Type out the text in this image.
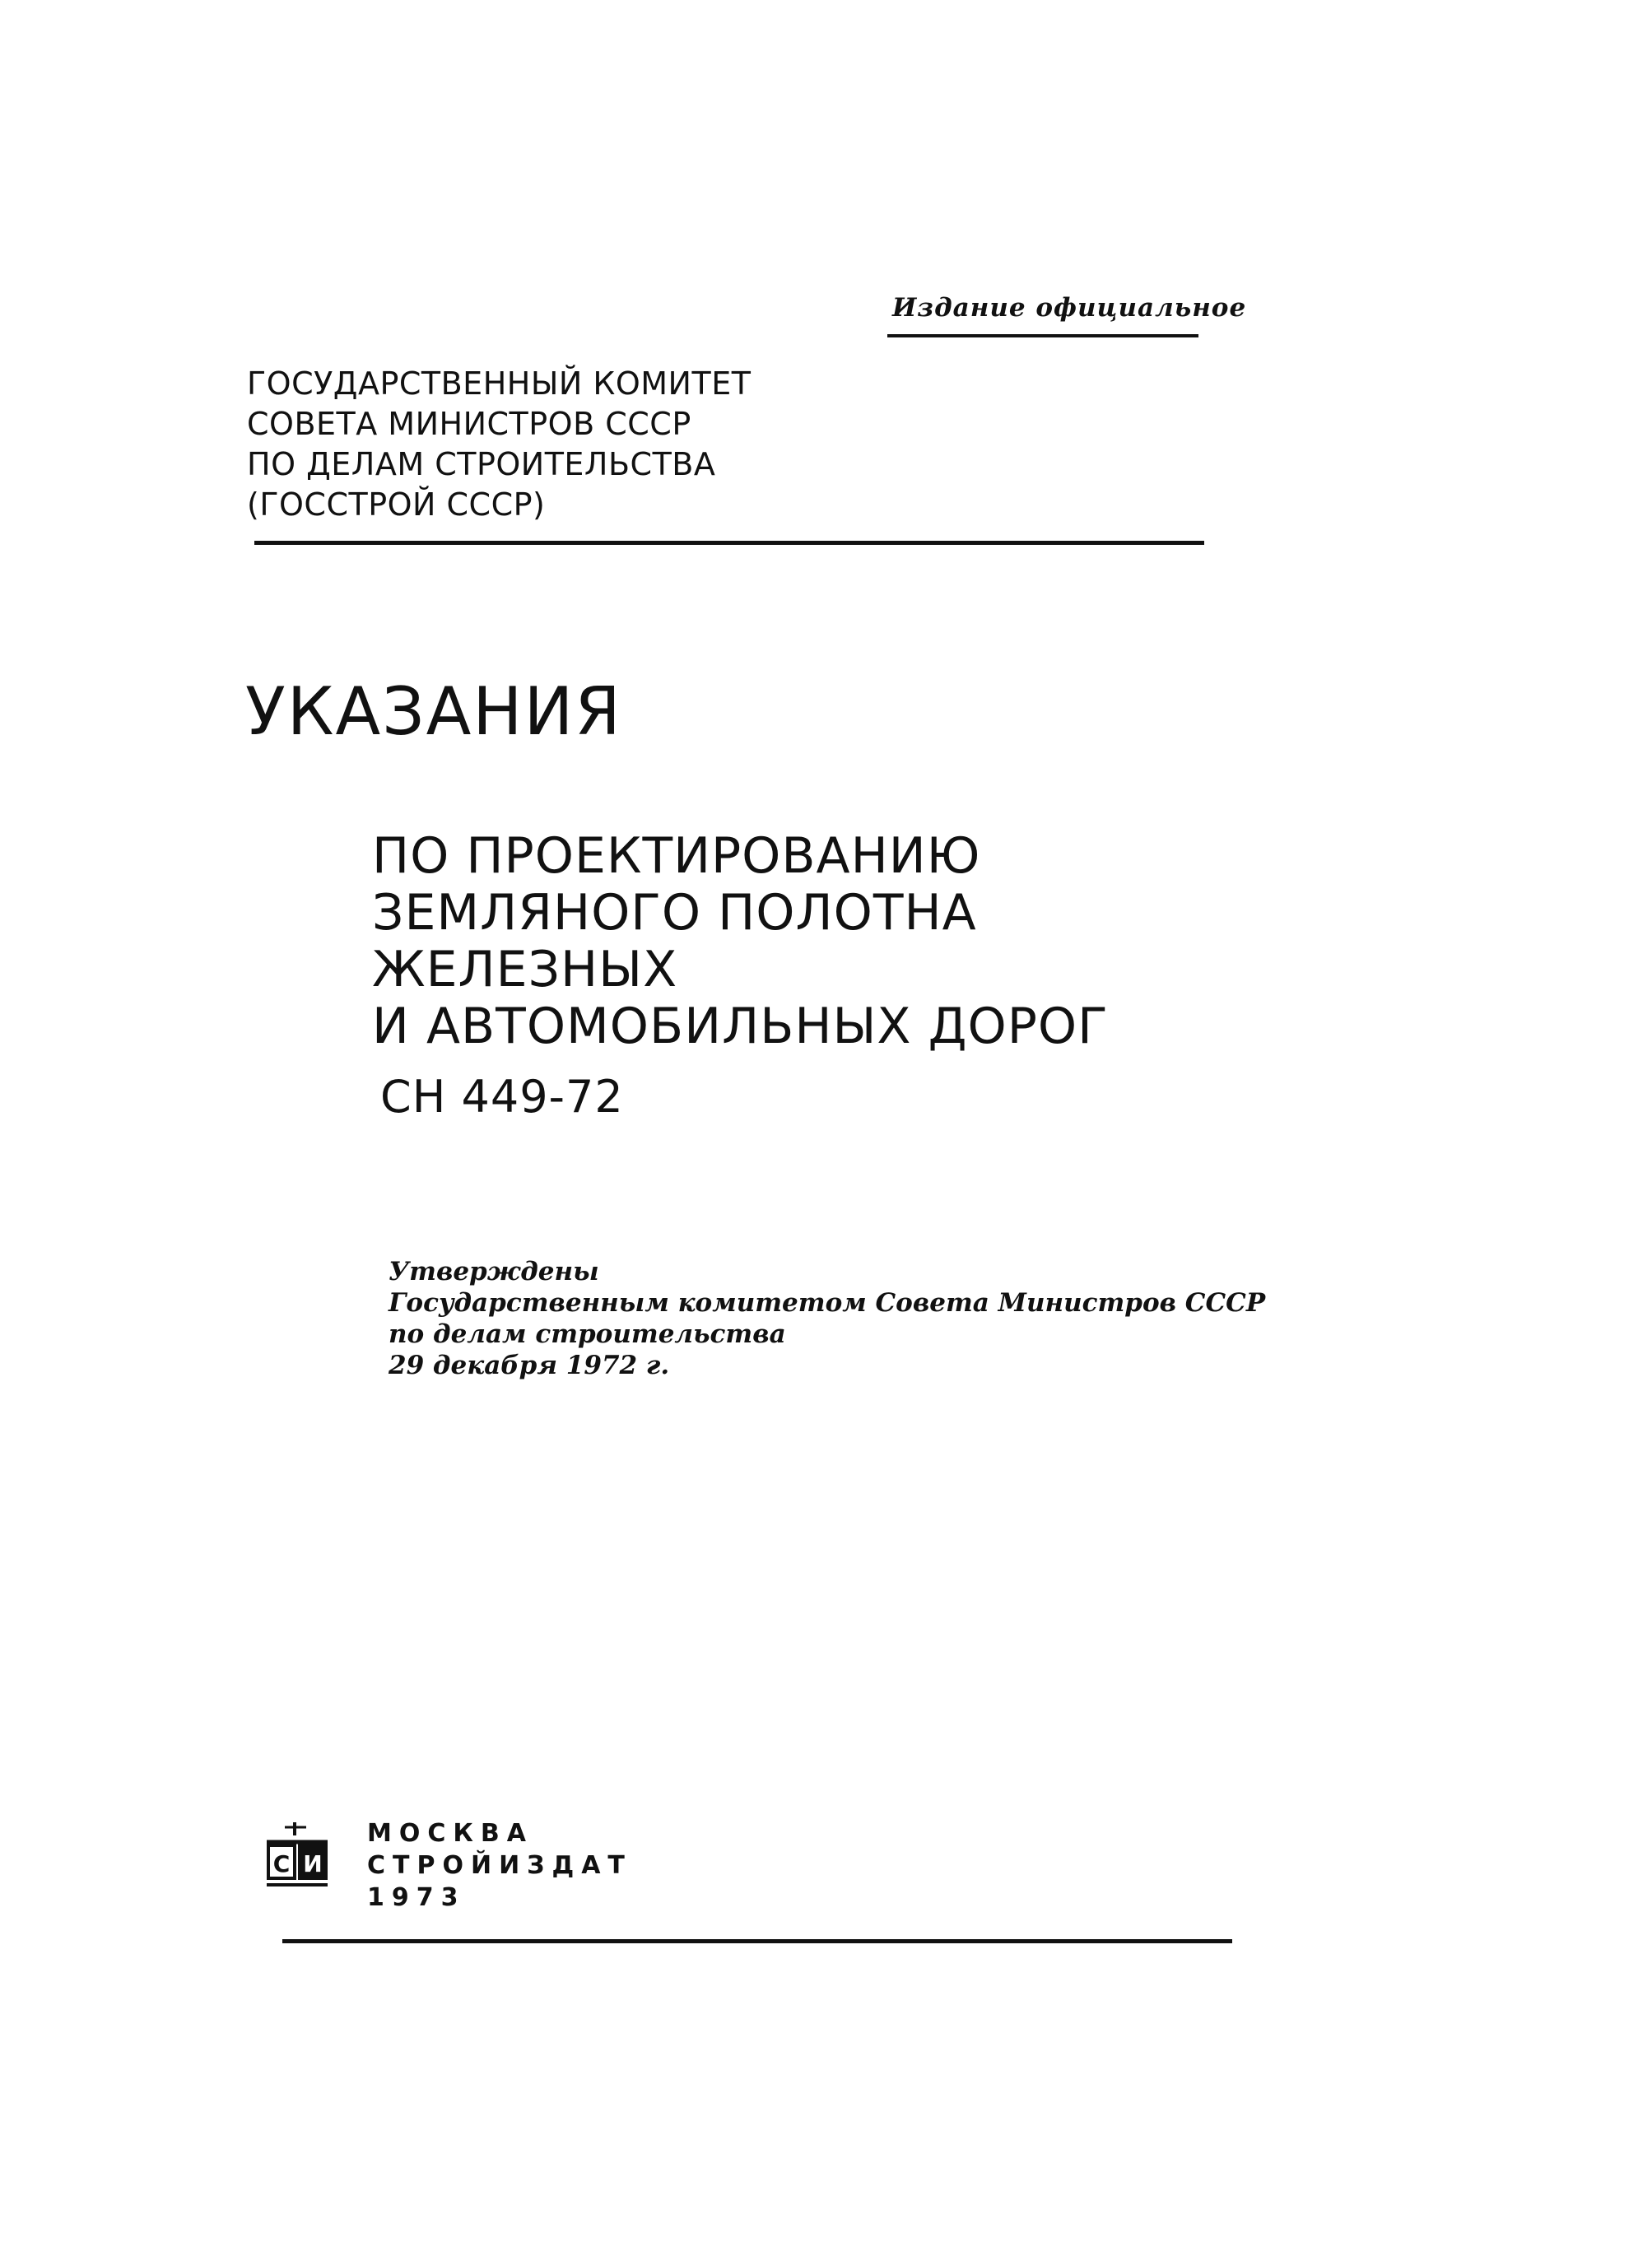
Издание официальное
ГОСУДАРСТВЕННЫЙ КОМИТЕТ
СОВЕТА МИНИСТРОВ СССР
ПО ДЕЛАМ СТРОИТЕЛЬСТВА
(ГОССТРОЙ СССР)
УКАЗАНИЯ
ПО ПРОЕКТИРОВАНИЮ
ЗЕМЛЯНОГО ПОЛОТНА
ЖЕЛЕЗНЫХ
И АВТОМОБИЛЬНЫХ ДОРОГ
СН 449-72
Утверждены
Государственным комитетом Совета Министров СССР
по делам строительства
29 декабря 1972 г.
С И
МОСКВА
СТРОЙИЗДАТ
1973
